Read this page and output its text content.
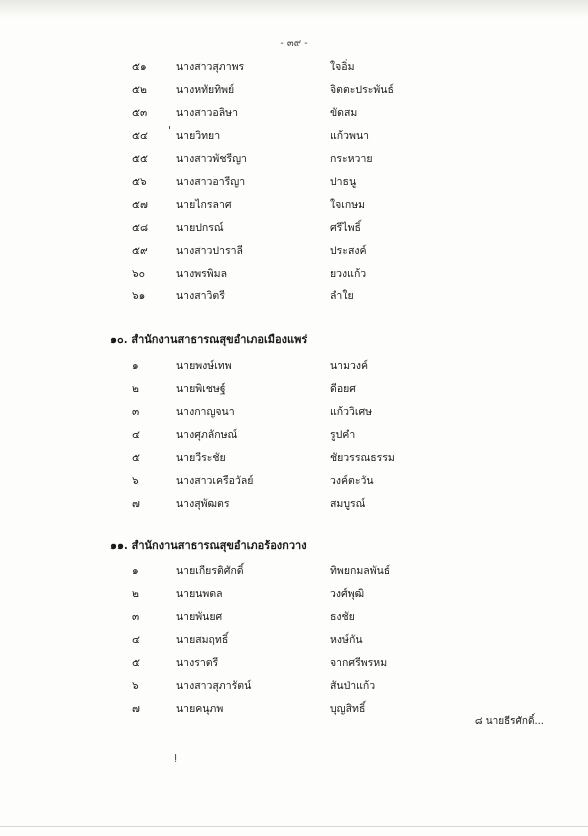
- ๓๙ -
๕๑	นางสาวสุภาพร	ใจอิ่ม
๕๒	นางหทัยทิพย์	จิตตะประพันธ์
๕๓	นางสาวอลิษา	ขัดสม
๕๔	นายวิทยา	แก้วพนา
๕๕	นางสาวพัชรีญา	กระหวาย
๕๖	นางสาวอารีญา	ปาธนู
๕๗	นายไกรลาศ	ใจเกษม
๕๘	นายปกรณ์	ศรีไพธิ์
๕๙	นางสาวปาราลี	ประสงค์
๖๐	นางพรพิมล	ยวงแก้ว
๖๑	นางสาวิตรี	ลำใย
๑๐. สำนักงานสาธารณสุขอำเภอเมืองแพร่
๑	นายพงษ์เทพ	นามวงค์
๒	นายพิเชษฐ์	ดีอยศ
๓	นางกาญจนา	แก้ววิเศษ
๔	นางศุภลักษณ์	รูปคำ
๕	นายวีระชัย	ชัยวรรณธรรม
๖	นางสาวเครือวัลย์	วงค์ตะวัน
๗	นางสุพัฒตร	สมบูรณ์
๑๑. สำนักงานสาธารณสุขอำเภอร้องกวาง
๑	นายเกียรติศักดิ์	ทิพยกมลพันธ์
๒	นายนพดล	วงศ์พุฒิ
๓	นายพันยศ	ธงชัย
๔	นายสมฤทธิ์	หงษ์กัน
๕	นางราตรี	จากศรีพรหม
๖	นางสาวสุภารัตน์	สันป่าแก้ว
๗	นายคนุภพ	บุญสิทธิ์
๘ นายธีรศักดิ์...
'
ǃ
